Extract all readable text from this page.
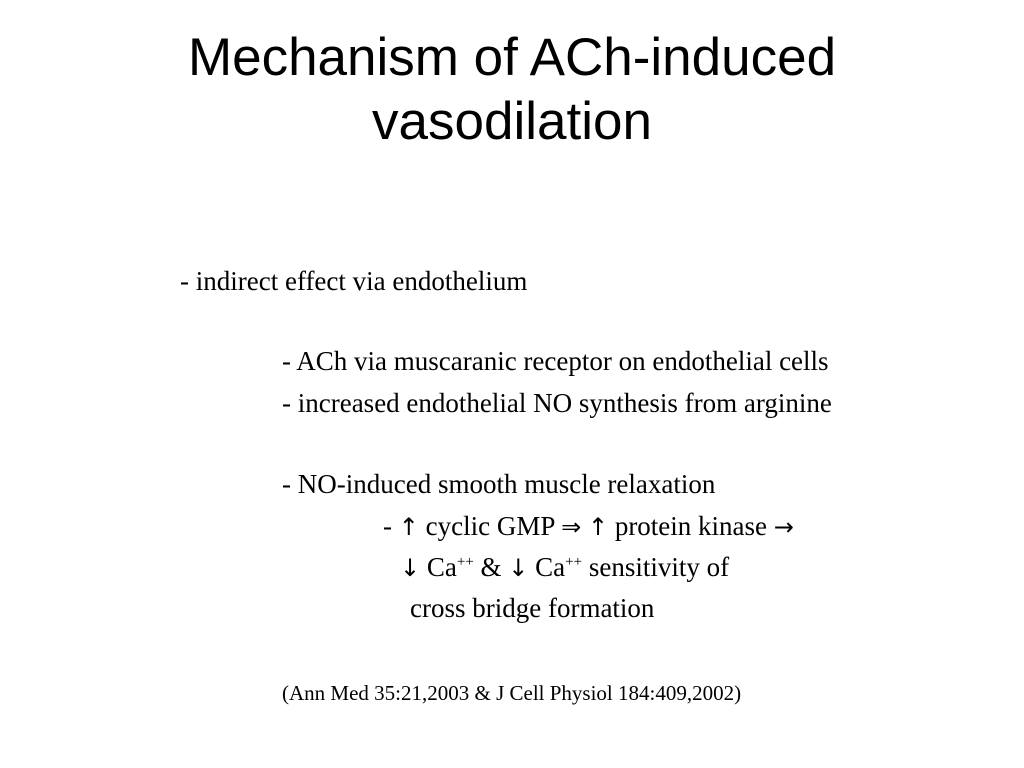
Mechanism of ACh-induced
vasodilation
- indirect effect via endothelium
- ACh via muscaranic receptor on endothelial cells
- increased endothelial NO synthesis from arginine
- NO-induced smooth muscle relaxation
- ↑ cyclic GMP ⇒ ↑ protein kinase →
↓ Ca++ & ↓ Ca++ sensitivity of
cross bridge formation
(Ann Med 35:21,2003 & J Cell Physiol 184:409,2002)
